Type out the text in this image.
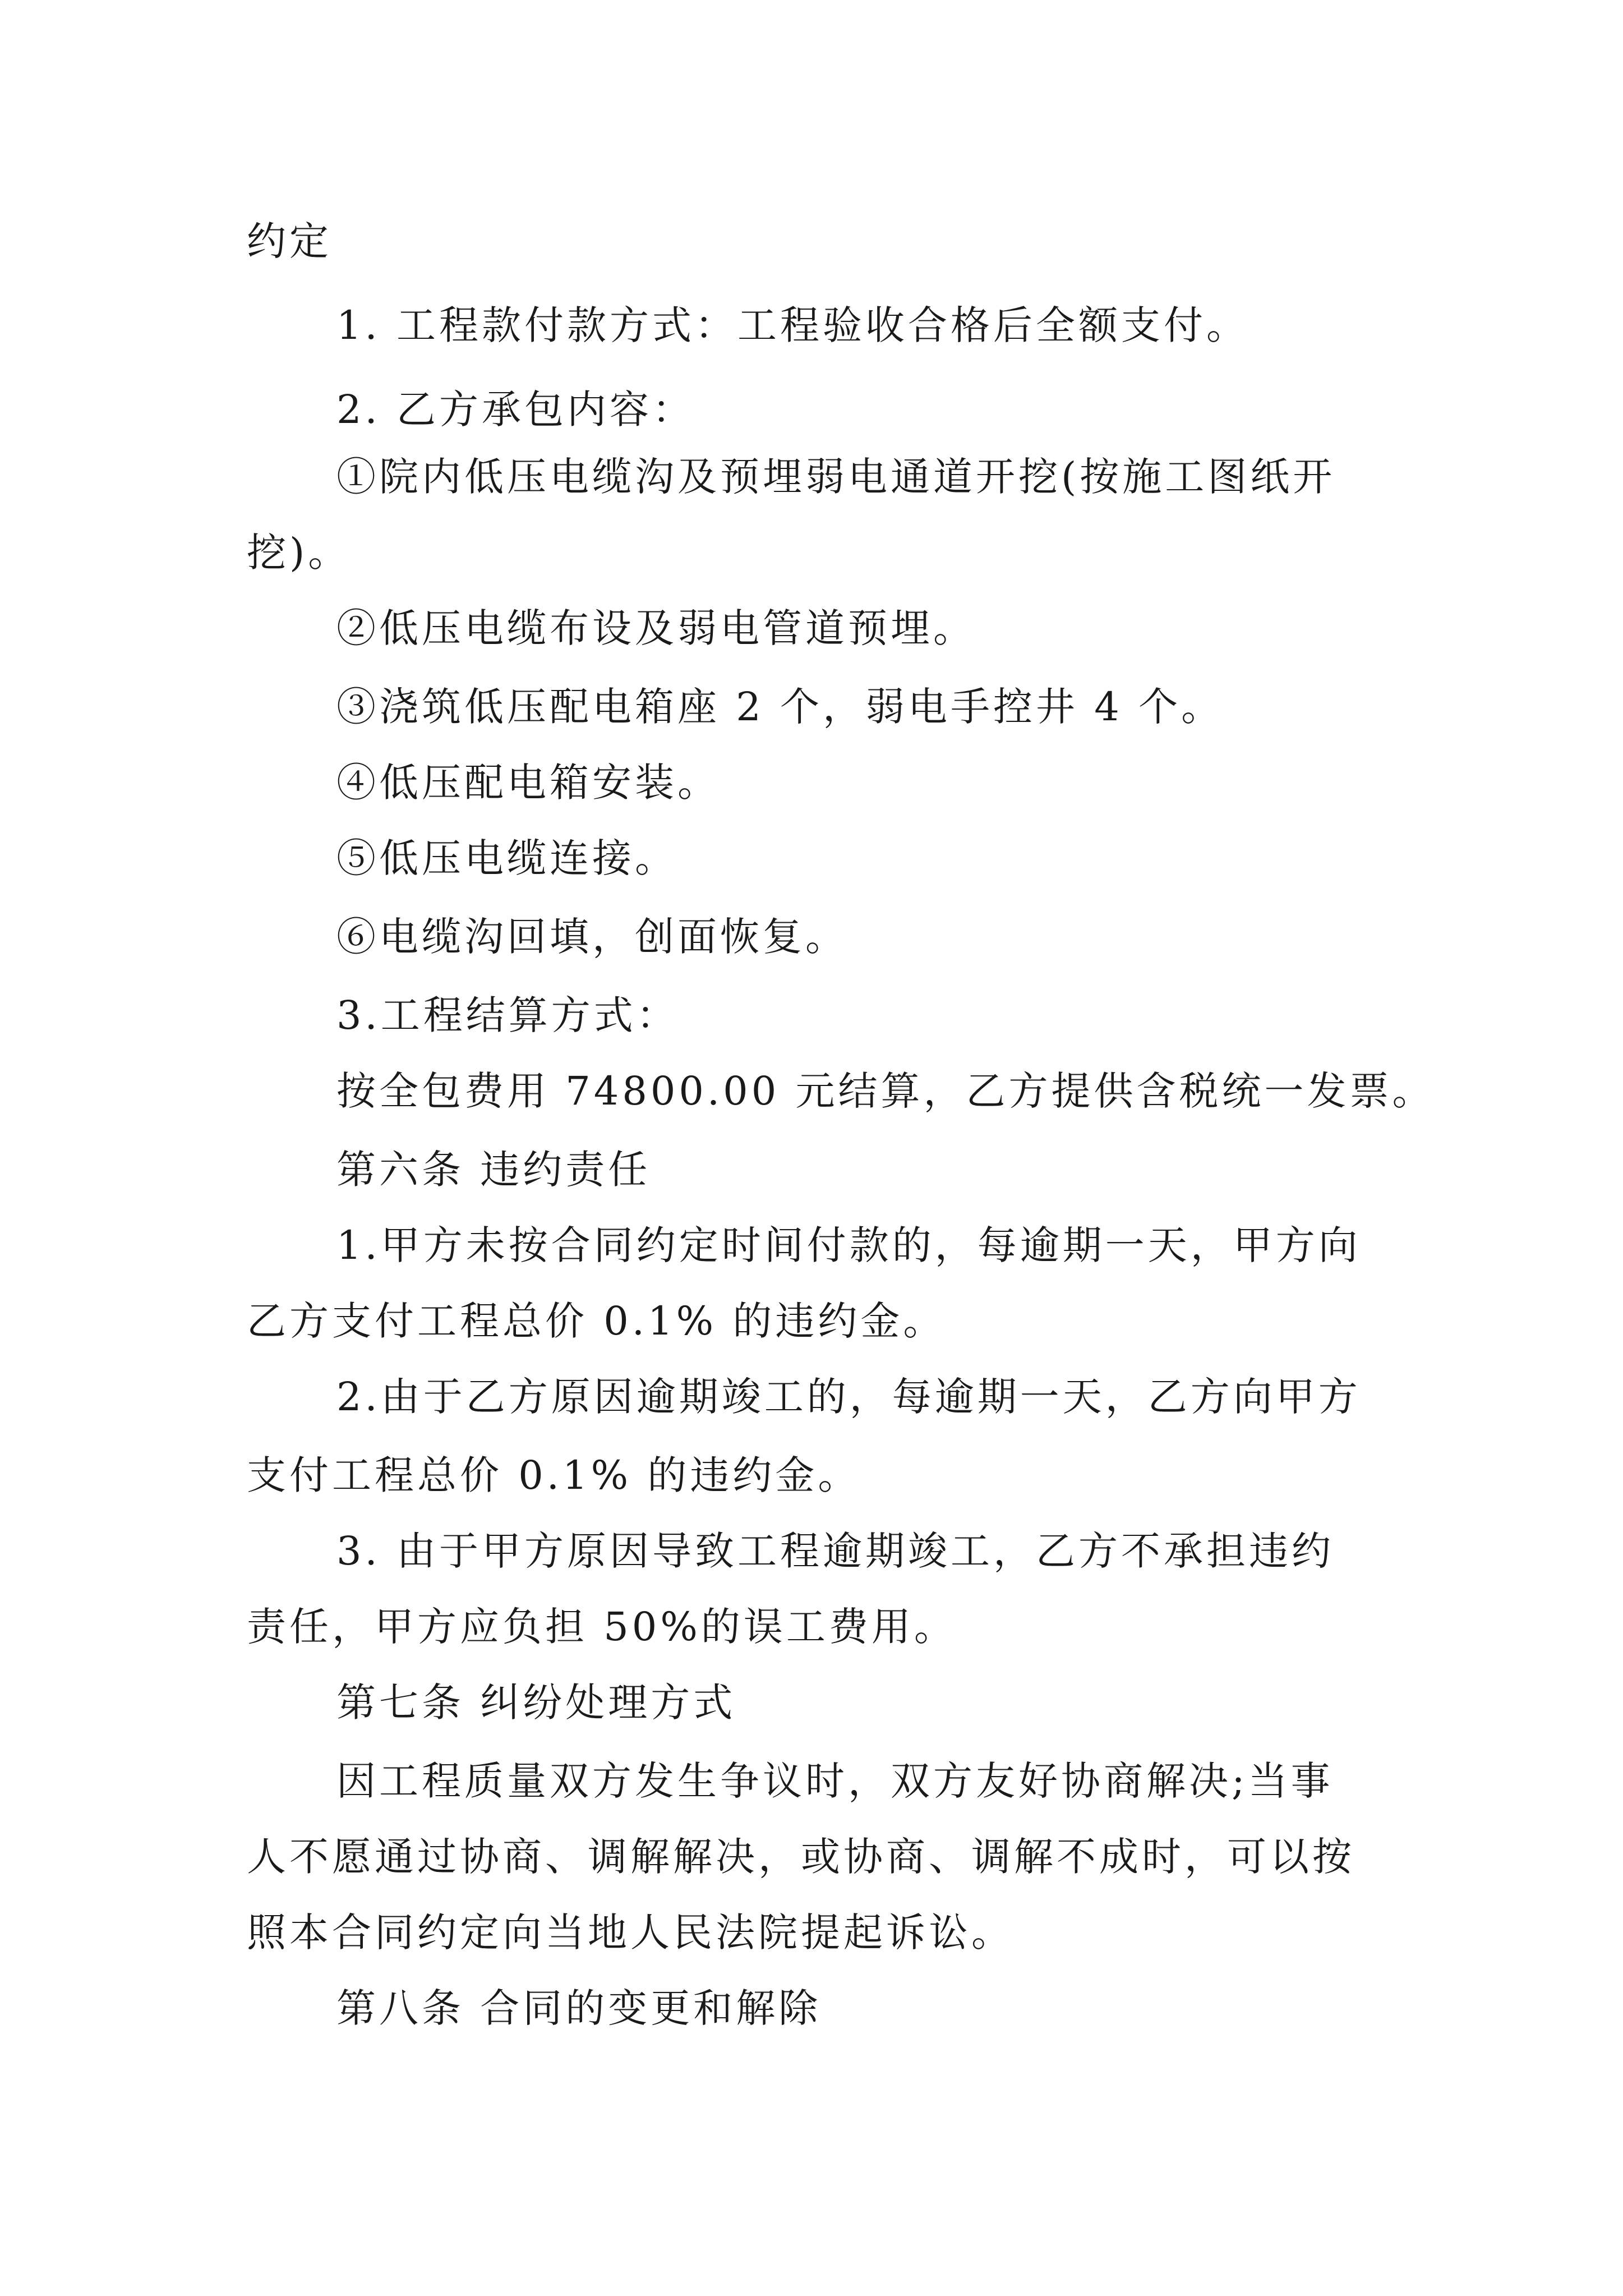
约定

1. 工程款付款方式：工程验收合格后全额支付。

2. 乙方承包内容：

①院内低压电缆沟及预埋弱电通道开挖(按施工图纸开

挖)。

②低压电缆布设及弱电管道预埋。

③浇筑低压配电箱座 2 个，弱电手控井 4 个。

④低压配电箱安装。

⑤低压电缆连接。

⑥电缆沟回填，创面恢复。

3.工程结算方式：

按全包费用 74800.00 元结算，乙方提供含税统一发票。

第六条 违约责任

1.甲方未按合同约定时间付款的，每逾期一天，甲方向

乙方支付工程总价 0.1% 的违约金。

2.由于乙方原因逾期竣工的，每逾期一天，乙方向甲方

支付工程总价 0.1% 的违约金。

3. 由于甲方原因导致工程逾期竣工，乙方不承担违约

责任，甲方应负担 50%的误工费用。

第七条 纠纷处理方式

因工程质量双方发生争议时，双方友好协商解决;当事

人不愿通过协商、调解解决，或协商、调解不成时，可以按

照本合同约定向当地人民法院提起诉讼。

第八条 合同的变更和解除
